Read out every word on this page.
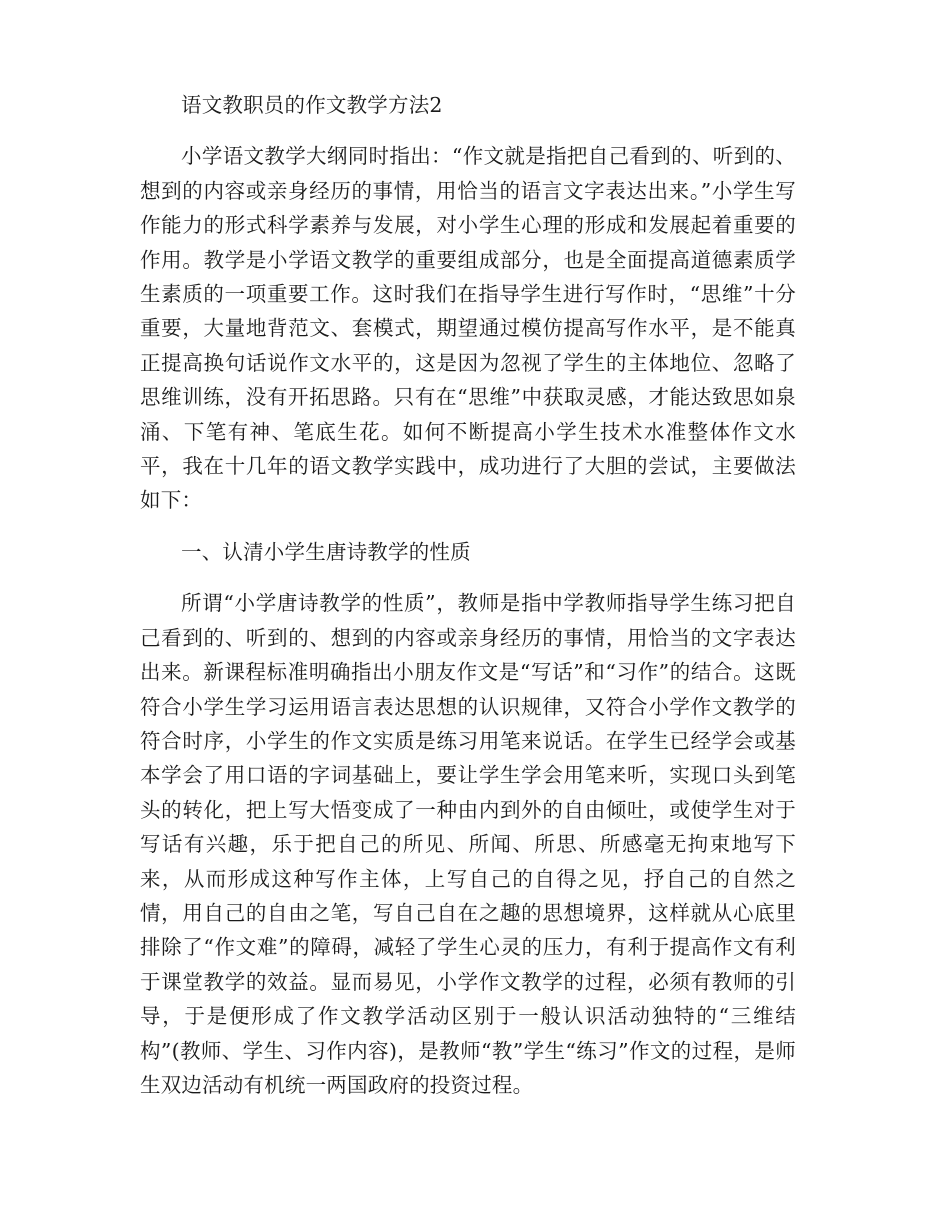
语文教职员的作文教学方法2

小学语文教学大纲同时指出：“作文就是指把自己看到的、听到的、想到的内容或亲身经历的事情，用恰当的语言文字表达出来。”小学生写作能力的形式科学素养与发展，对小学生心理的形成和发展起着重要的作用。教学是小学语文教学的重要组成部分，也是全面提高道德素质学生素质的一项重要工作。这时我们在指导学生进行写作时，“思维”十分重要，大量地背范文、套模式，期望通过模仿提高写作水平，是不能真正提高换句话说作文水平的，这是因为忽视了学生的主体地位、忽略了思维训练，没有开拓思路。只有在“思维”中获取灵感，才能达致思如泉涌、下笔有神、笔底生花。如何不断提高小学生技术水准整体作文水平，我在十几年的语文教学实践中，成功进行了大胆的尝试，主要做法如下：

一、认清小学生唐诗教学的性质

所谓“小学唐诗教学的性质”，教师是指中学教师指导学生练习把自己看到的、听到的、想到的内容或亲身经历的事情，用恰当的文字表达出来。新课程标准明确指出小朋友作文是“写话”和“习作”的结合。这既符合小学生学习运用语言表达思想的认识规律，又符合小学作文教学的符合时序，小学生的作文实质是练习用笔来说话。在学生已经学会或基本学会了用口语的字词基础上，要让学生学会用笔来听，实现口头到笔头的转化，把上写大悟变成了一种由内到外的自由倾吐，或使学生对于写话有兴趣，乐于把自己的所见、所闻、所思、所感毫无拘束地写下来，从而形成这种写作主体，上写自己的自得之见，抒自己的自然之情，用自己的自由之笔，写自己自在之趣的思想境界，这样就从心底里排除了“作文难”的障碍，减轻了学生心灵的压力，有利于提高作文有利于课堂教学的效益。显而易见，小学作文教学的过程，必须有教师的引导，于是便形成了作文教学活动区别于一般认识活动独特的“三维结构”(教师、学生、习作内容)，是教师“教”学生“练习”作文的过程，是师生双边活动有机统一两国政府的投资过程。
